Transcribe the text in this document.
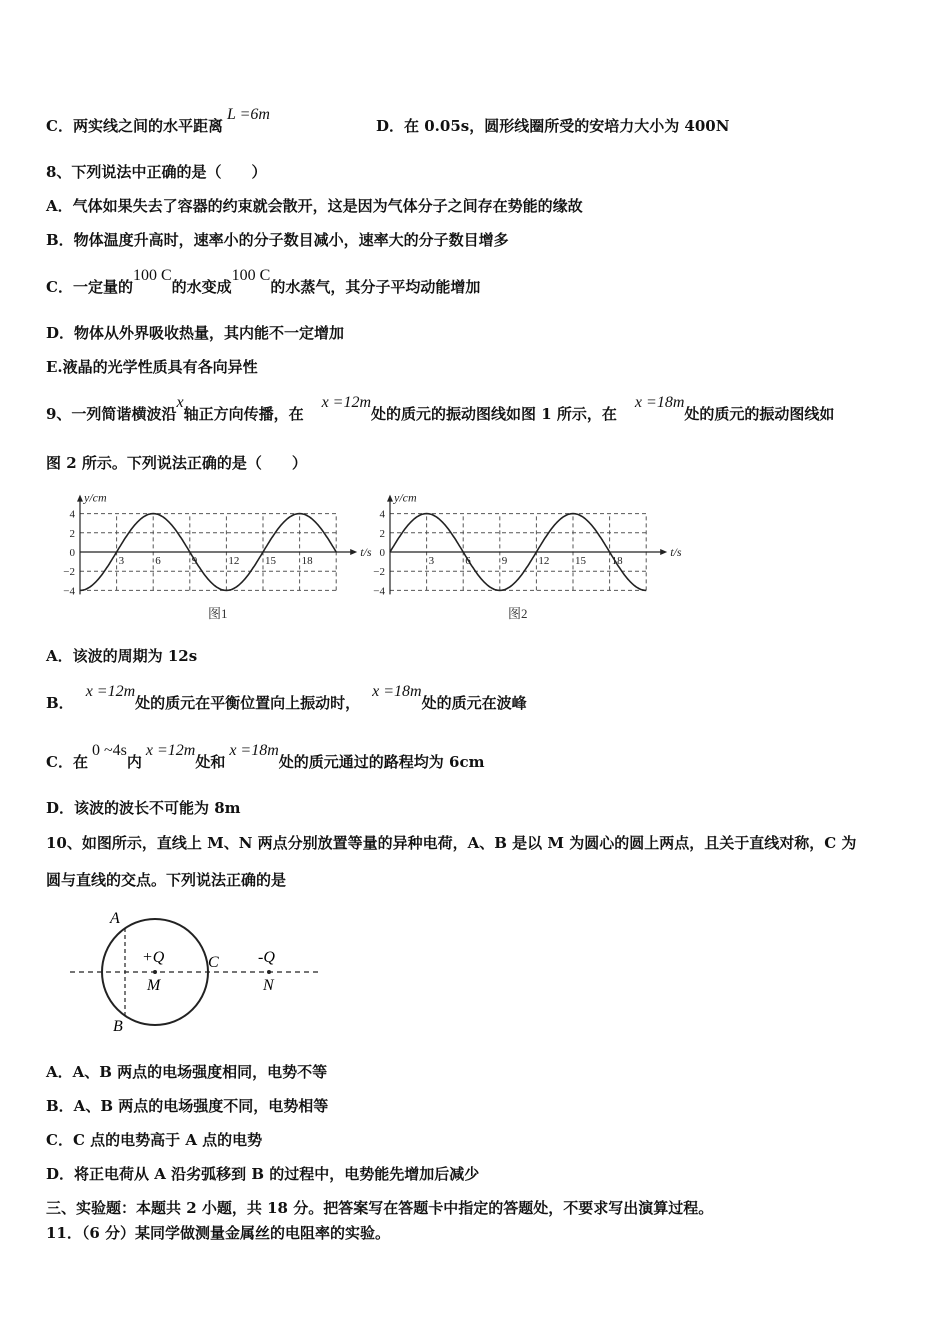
C．两实线之间的水平距离L =6m
D．在 0.05s，圆形线圈所受的安培力大小为 400N
8、下列说法中正确的是（　　）
A．气体如果失去了容器的约束就会散开，这是因为气体分子之间存在势能的缘故
B．物体温度升高时，速率小的分子数目减小，速率大的分子数目增多
C．一定量的100 C的水变成100 C的水蒸气，其分子平均动能增加
D．物体从外界吸收热量，其内能不一定增加
E.液晶的光学性质具有各向异性
9、一列简谐横波沿x轴正方向传播，在x =12m处的质元的振动图线如图 1 所示，在x =18m处的质元的振动图线如
图 2 所示。下列说法正确的是（　　）
y/cm
t/s
−4
−2
0
2
4
3	6	9	12 15 18
y/cm
t/s
−4
−2
0
2
4
3	6	9	12 15 18
图1	图2
A．该波的周期为 12s
B．x =12m处的质元在平衡位置向上振动时，x =18m处的质元在波峰
C．在0 ~4s内x =12m处和x =18m处的质元通过的路程均为 6cm
D．该波的波长不可能为 8m
10、如图所示，直线上 M、N 两点分别放置等量的异种电荷，A、B 是以 M 为圆心的圆上两点，且关于直线对称，C 为
圆与直线的交点。下列说法正确的是
A
B
C
+Q
M
-Q
N
A．A、B 两点的电场强度相同，电势不等
B．A、B 两点的电场强度不同，电势相等
C．C 点的电势高于 A 点的电势
D．将正电荷从 A 沿劣弧移到 B 的过程中，电势能先增加后减少
三、实验题：本题共 2 小题，共 18 分。把答案写在答题卡中指定的答题处，不要求写出演算过程。
11．（6 分）某同学做测量金属丝的电阻率的实验。
